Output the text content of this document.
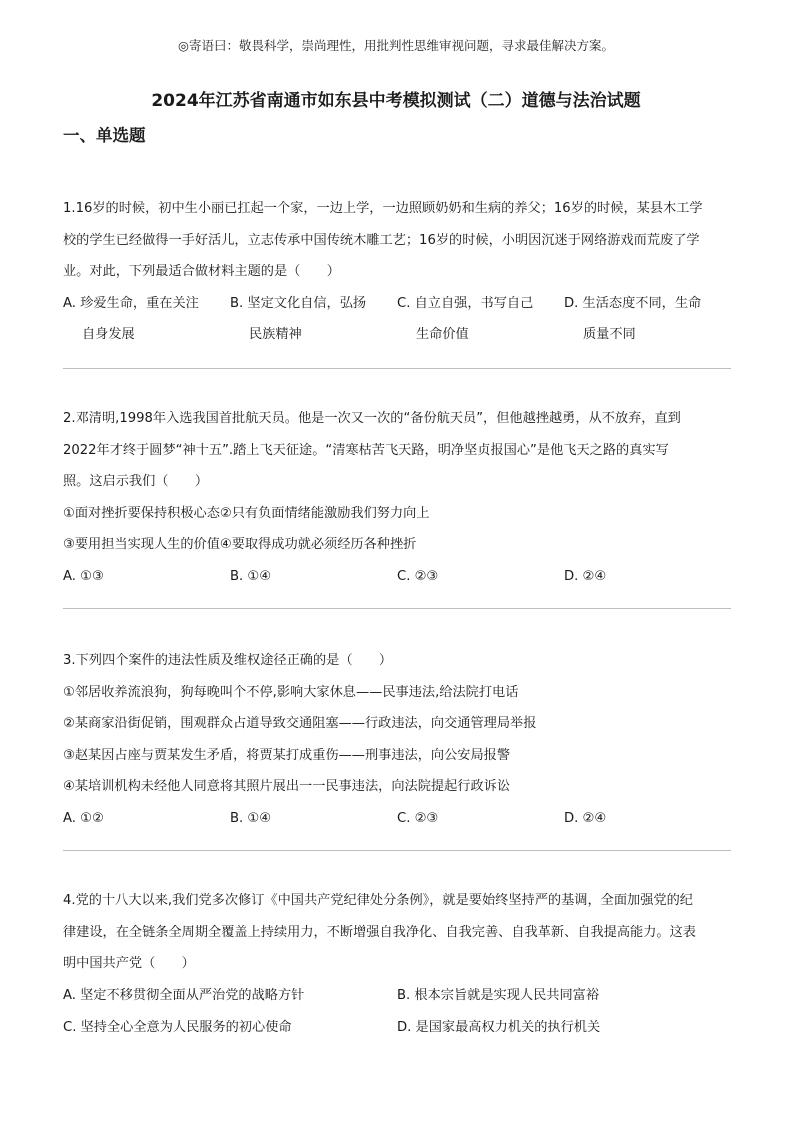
◎寄语曰：敬畏科学，崇尚理性，用批判性思维审视问题，寻求最佳解决方案。
2024年江苏省南通市如东县中考模拟测试（二）道德与法治试题
一、单选题

1.16岁的时候，初中生小丽已扛起一个家，一边上学，一边照顾奶奶和生病的养父；16岁的时候，某县木工学

校的学生已经做得一手好活儿，立志传承中国传统木雕工艺；16岁的时候，小明因沉迷于网络游戏而荒废了学

业。对此，下列最适合做材料主题的是（　　）

A. 珍爱生命，重在关注
自身发展
B. 坚定文化自信，弘扬
民族精神
C. 自立自强，书写自己
生命价值
D. 生活态度不同，生命
质量不同

2.邓清明,1998年入选我国首批航天员。他是一次又一次的“备份航天员”，但他越挫越勇，从不放弃，直到

2022年才终于圆梦“神十五”.踏上飞天征途。“清寒枯苦飞天路，明净坚贞报国心”是他飞天之路的真实写

照。这启示我们（　　）

①面对挫折要保持积极心态②只有负面情绪能激励我们努力向上

③要用担当实现人生的价值④要取得成功就必须经历各种挫折

A. ①③	B. ①④	C. ②③	D. ②④

3.下列四个案件的违法性质及维权途径正确的是（　　）

①邻居收养流浪狗，狗每晚叫个不停,影响大家休息——民事违法,给法院打电话

②某商家沿街促销，围观群众占道导致交通阻塞——行政违法，向交通管理局举报

③赵某因占座与贾某发生矛盾，将贾某打成重伤——刑事违法，向公安局报警

④某培训机构未经他人同意将其照片展出一一民事违法，向法院提起行政诉讼

A. ①②	B. ①④	C. ②③	D. ②④

4.党的十八大以来,我们党多次修订《中国共产党纪律处分条例》，就是要始终坚持严的基调，全面加强党的纪

律建设，在全链条全周期全覆盖上持续用力，不断增强自我净化、自我完善、自我革新、自我提高能力。这表

明中国共产党（　　）

A. 坚定不移贯彻全面从严治党的战略方针	B. 根本宗旨就是实现人民共同富裕
C. 坚持全心全意为人民服务的初心使命	D. 是国家最高权力机关的执行机关
